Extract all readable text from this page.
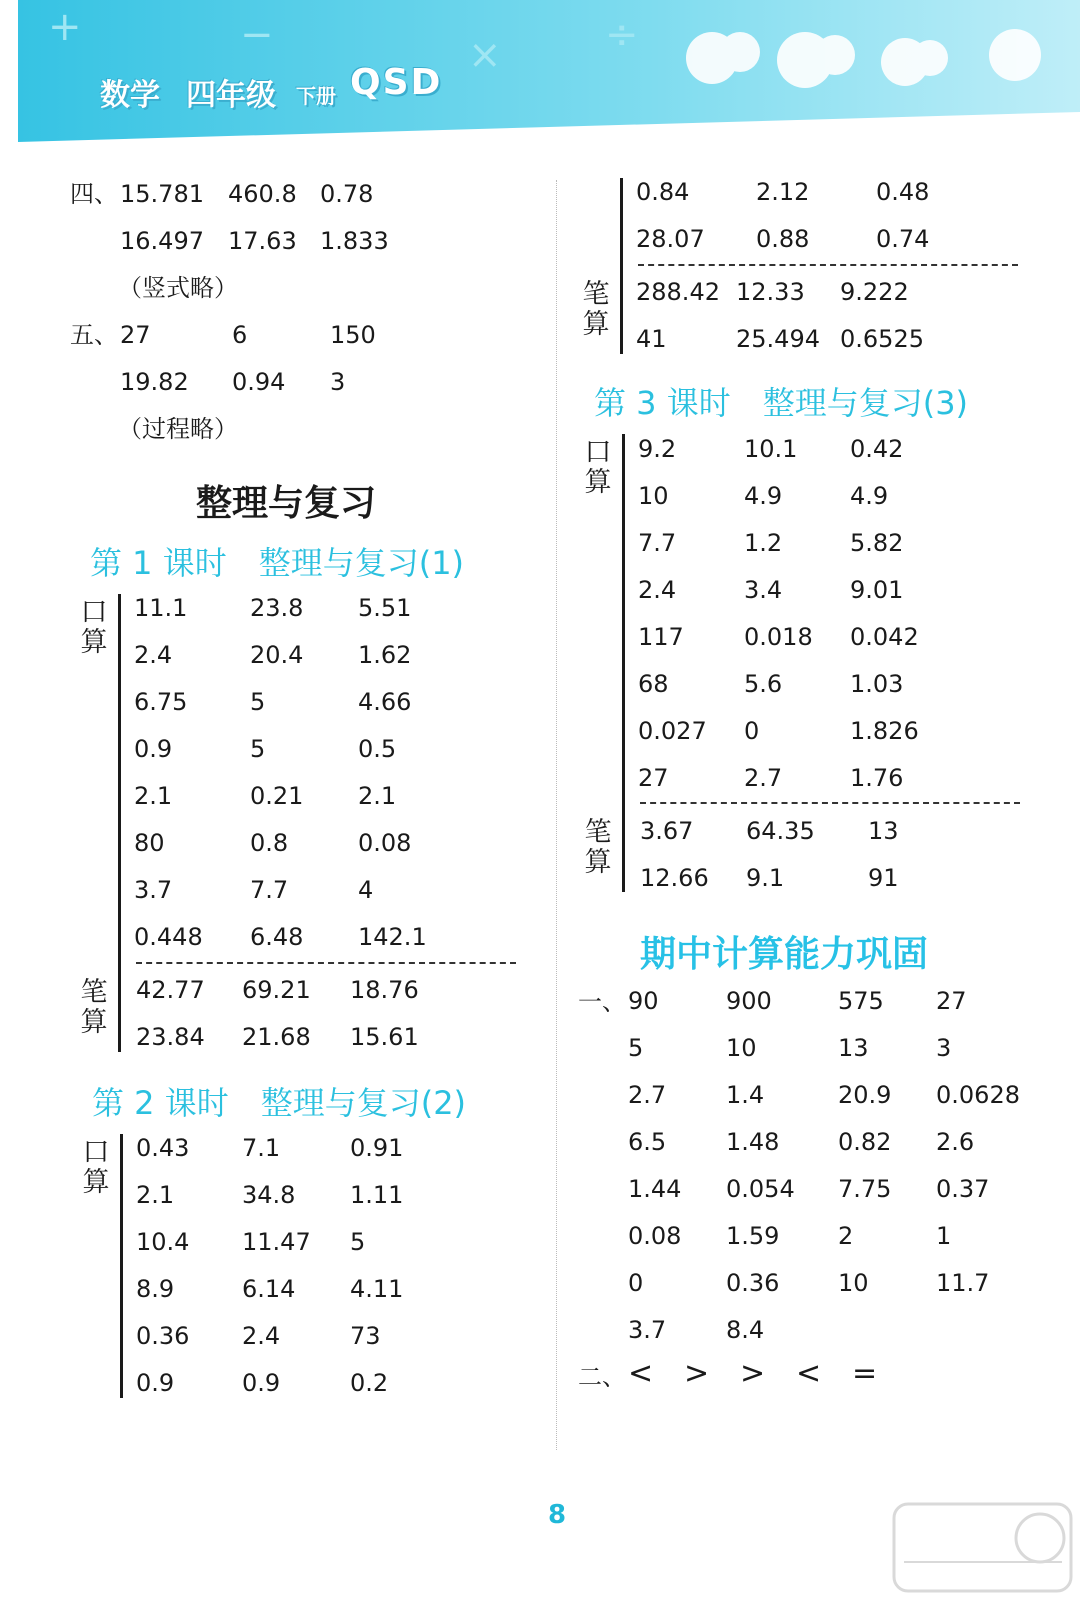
+	−	×	÷
数学 四年级 下册 QSD
四、 15.781 460.8 0.78
16.497 17.63 1.833
（竖式略）
五、 27	6	150
19.82 0.94 3
（过程略）
整理与复习
第 1 课时　整理与复习(1)
口
算
11.1	23.8 5.51
2.4	20.4 1.62
6.75	5	4.66
0.9	5	0.5
2.1	0.21 2.1
80	0.8	0.08
3.7	7.7	4
0.448 6.48 142.1
笔
算
42.77 69.21 18.76
23.84 21.68 15.61
第 2 课时　整理与复习(2)
口
算
0.43 7.1	0.91
2.1	34.8 1.11
10.4 11.47 5
8.9	6.14 4.11
0.36 2.4	73
0.9	0.9	0.2
0.84	2.12	0.48
28.07 0.88	0.74
笔
算
288.42 12.33 9.222
41	25.494 0.6525
第 3 课时　整理与复习(3)
口
算
9.2	10.1 0.42
10	4.9	4.9
7.7	1.2	5.82
2.4	3.4	9.01
117	0.018 0.042
68	5.6	1.03
0.027 0	1.826
27	2.7	1.76
笔
算
3.67 64.35 13
12.66 9.1	91
期中计算能力巩固
一、 90	900	575 27
5	10	13	3
2.7 1.4	20.9 0.0628
6.5 1.48 0.82 2.6
1.44 0.054 7.75 0.37
0.08 1.59 2	1
0	0.36 10	11.7
3.7 8.4
二、 < > > < =
8
